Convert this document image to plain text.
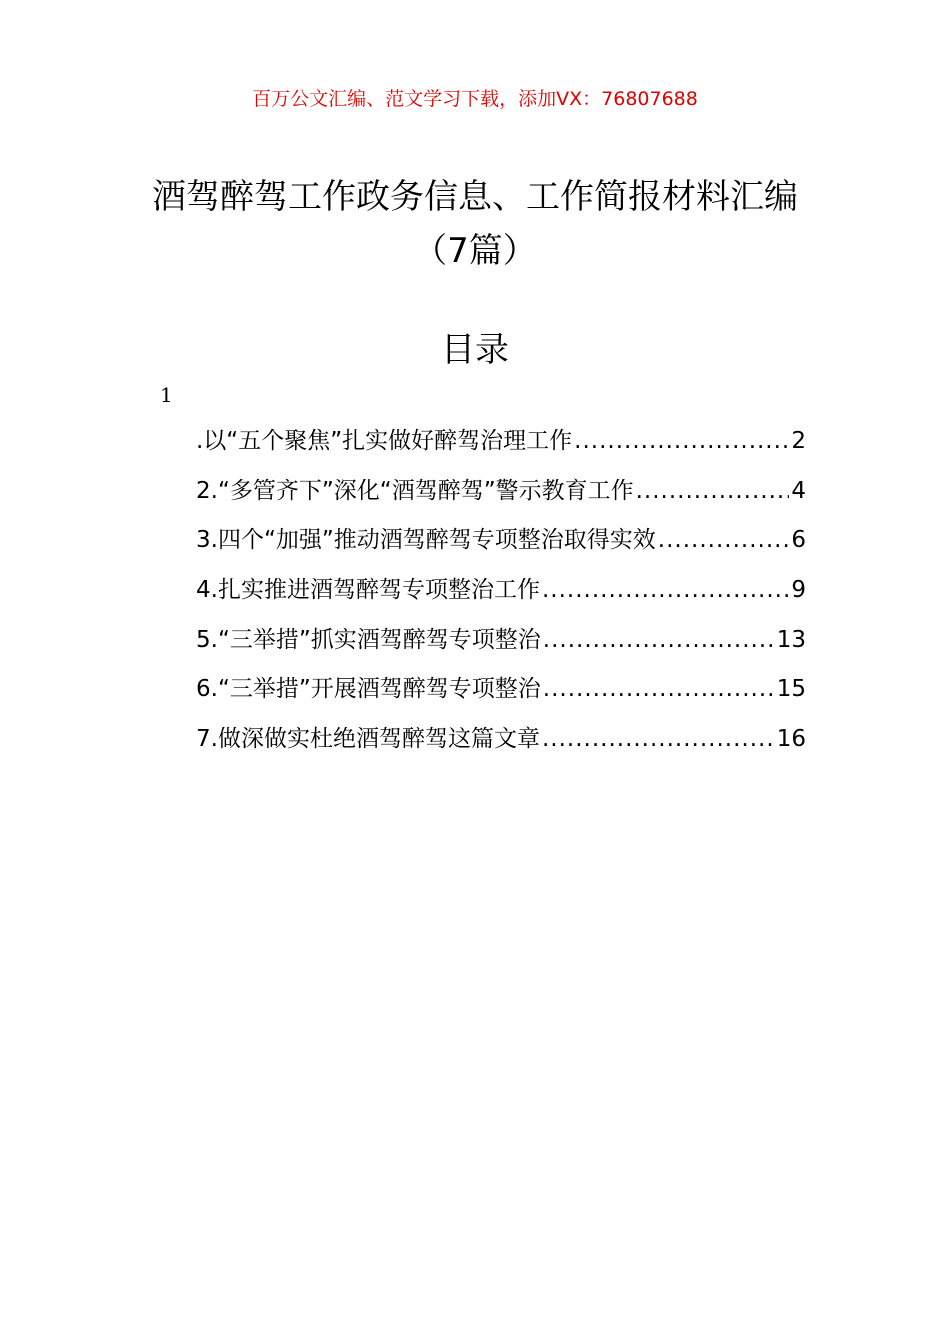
百万公文汇编、范文学习下载，添加VX：76807688
酒驾醉驾工作政务信息、工作简报材料汇编（7篇）
目录
1
.以“五个聚焦”扎实做好醉驾治理工作 .....	2
2.“多管齐下”深化“酒驾醉驾”警示教育工作 .....	4
3.四个“加强”推动酒驾醉驾专项整治取得实效 .....	6
4.扎实推进酒驾醉驾专项整治工作 .....	9
5.“三举措”抓实酒驾醉驾专项整治 .....	13
6.“三举措”开展酒驾醉驾专项整治 .....	15
7.做深做实杜绝酒驾醉驾这篇文章 .....	16
